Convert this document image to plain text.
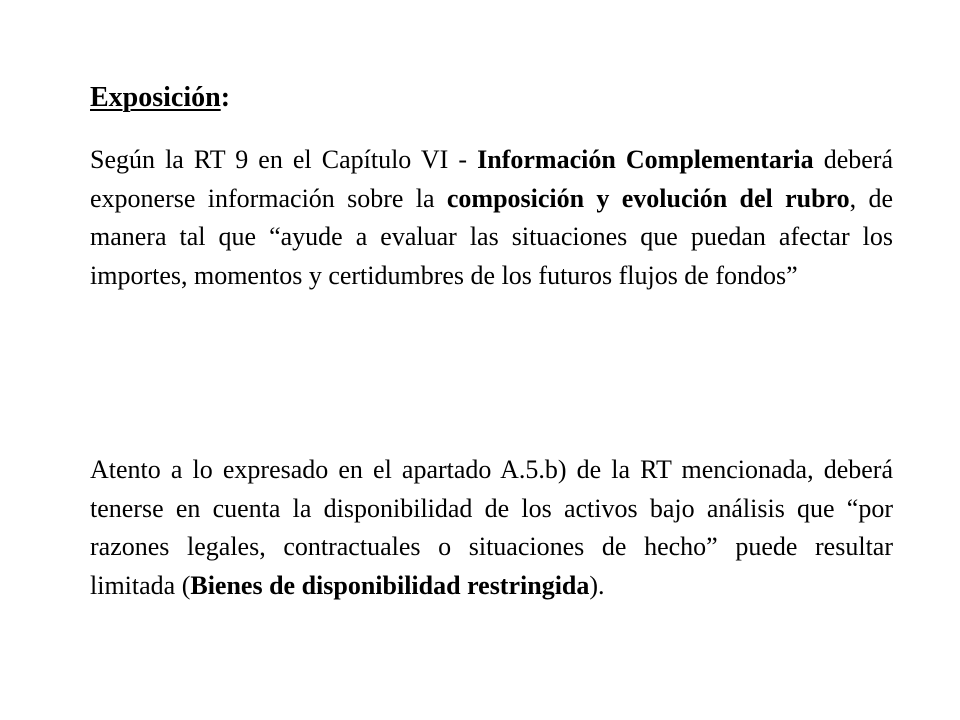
Exposición:

Según la RT 9 en el Capítulo VI - Información Complementaria deberá exponerse información sobre la composición y evolución del rubro, de manera tal que “ayude a evaluar las situaciones que puedan afectar los importes, momentos y certidumbres de los futuros flujos de fondos”

Atento a lo expresado en el apartado A.5.b) de la RT mencionada, deberá tenerse en cuenta la disponibilidad de los activos bajo análisis que “por razones legales, contractuales o situaciones de hecho” puede resultar limitada (Bienes de disponibilidad restringida).
